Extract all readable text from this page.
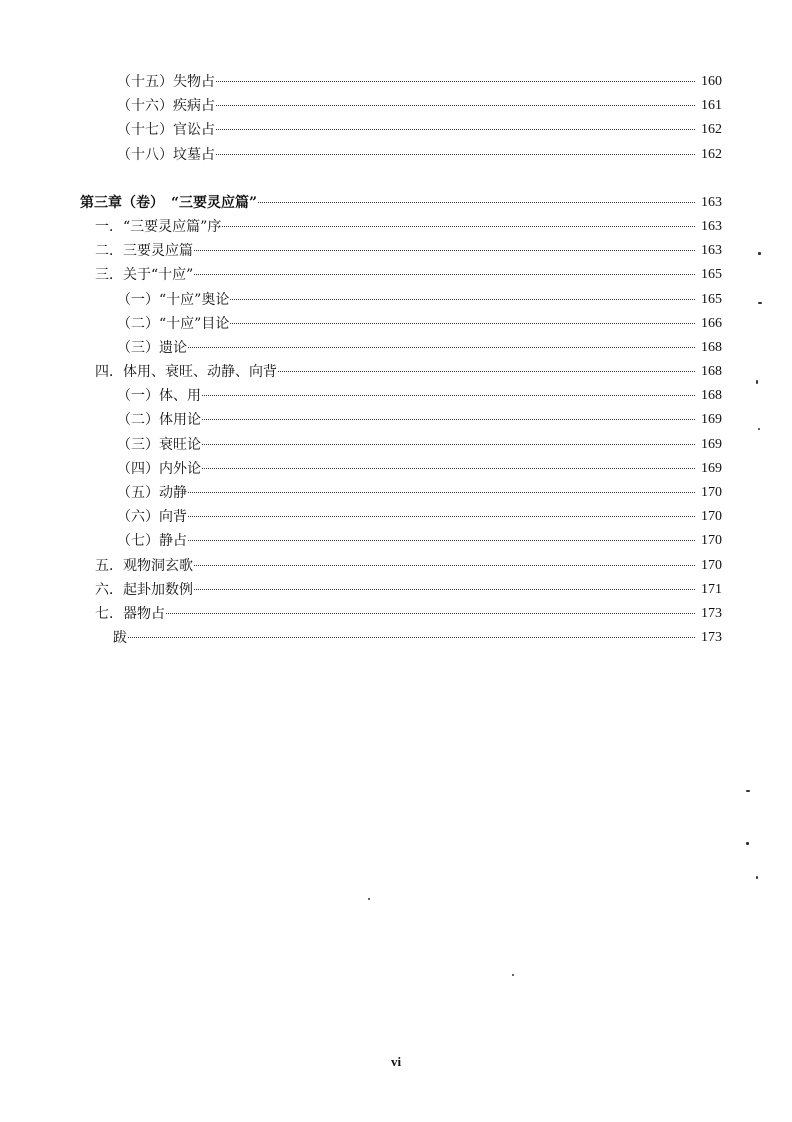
（十五）失物占	160
（十六）疾病占	161
（十七）官讼占	162
（十八）坟墓占	162
第三章（卷）　“三要灵应篇”	163
一．“三要灵应篇”序	163
二．三要灵应篇	163
三．关于“十应”	165
（一）“十应”奥论	165
（二）“十应”目论	166
（三）遗论	168
四．体用、衰旺、动静、向背	168
（一）体、用	168
（二）体用论	169
（三）衰旺论	169
（四）内外论	169
（五）动静	170
（六）向背	170
（七）静占	170
五．观物洞玄歌	170
六．起卦加数例	171
七．器物占	173
跋	173
vi
